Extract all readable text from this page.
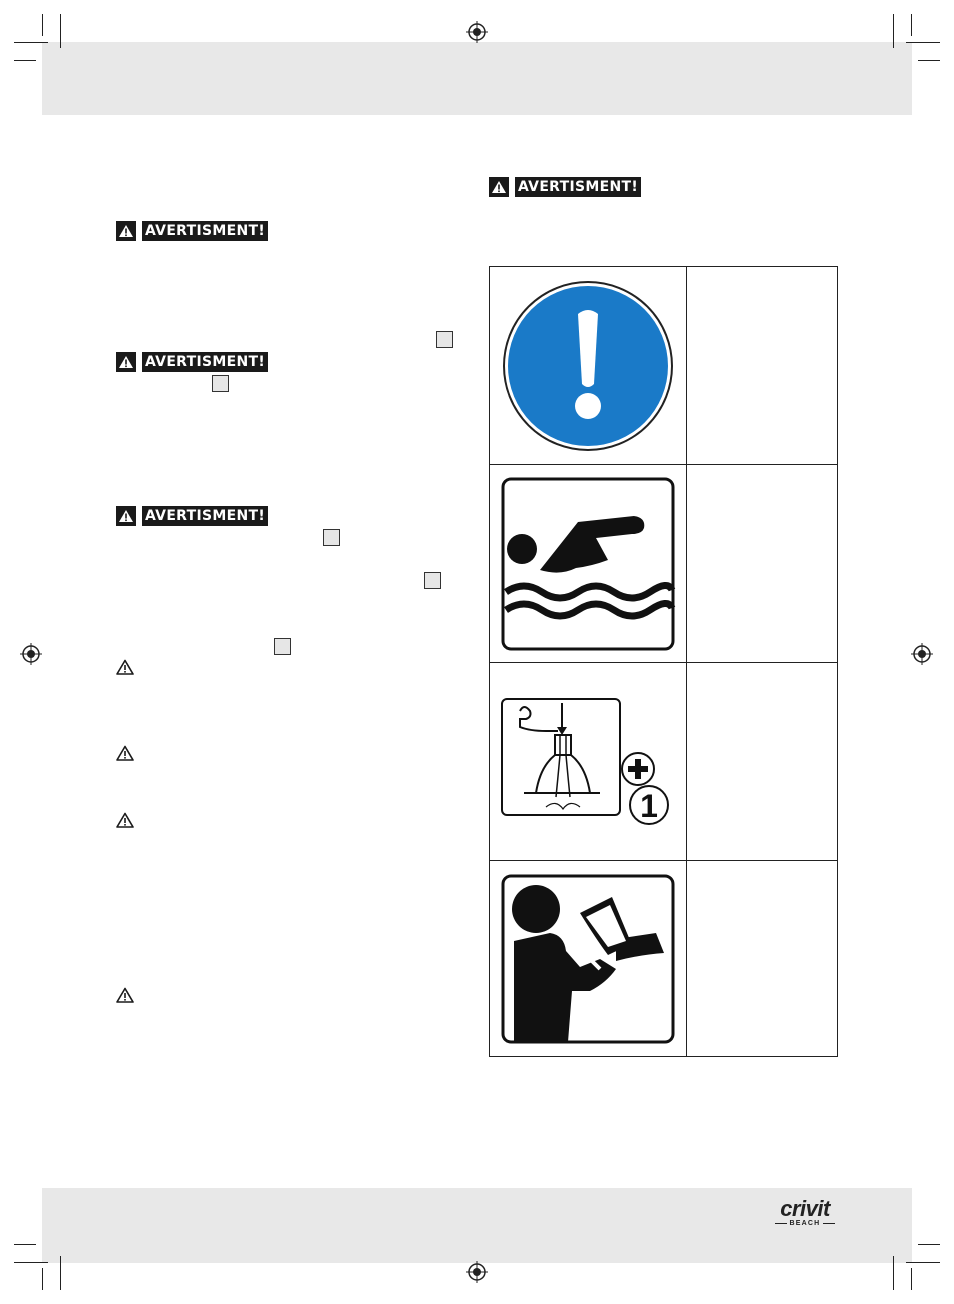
AVERTISMENT!
AVERTISMENT!
AVERTISMENT!
AVERTISMENT!
1
crivit
BEACH
